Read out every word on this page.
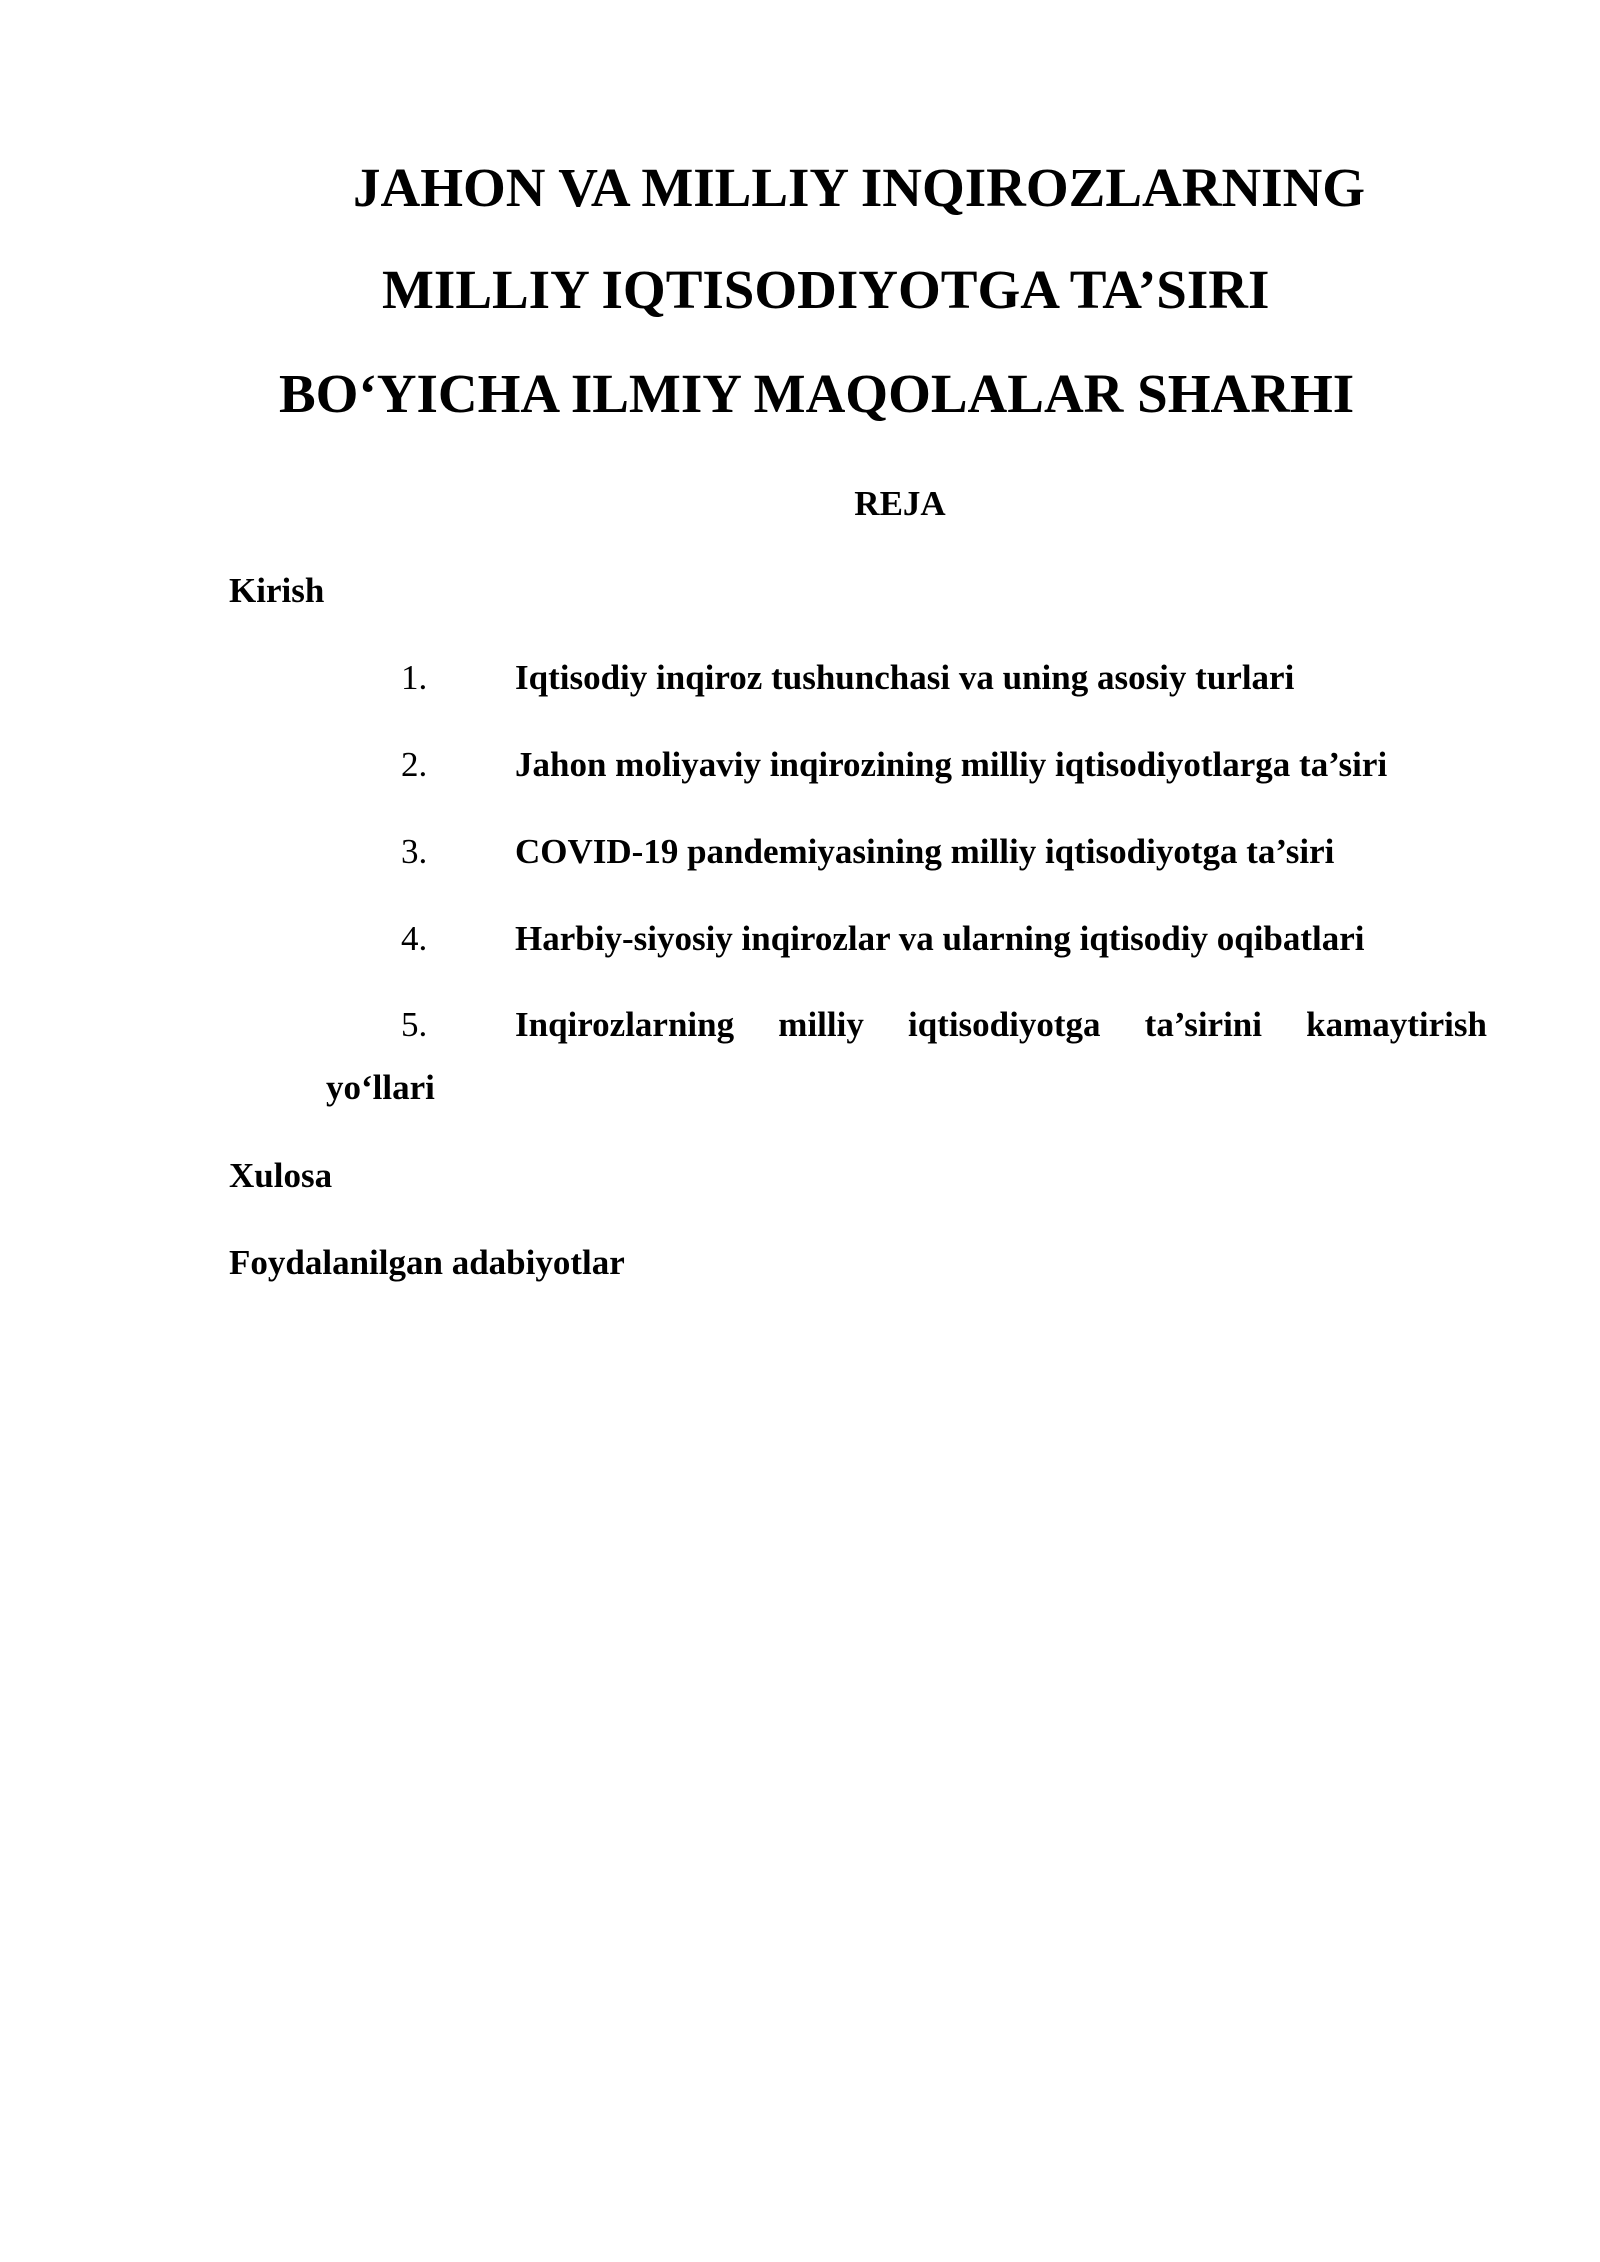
JAHON VA MILLIY INQIROZLARNING
MILLIY IQTISODIYOTGA TA’SIRI
BO‘YICHA ILMIY MAQOLALAR SHARHI
REJA
Kirish
1.	Iqtisodiy inqiroz tushunchasi va uning asosiy turlari
2.	Jahon moliyaviy inqirozining milliy iqtisodiyotlarga ta’siri
3.	COVID-19 pandemiyasining milliy iqtisodiyotga ta’siri
4.	Harbiy-siyosiy inqirozlar va ularning iqtisodiy oqibatlari
5.	Inqirozlarning milliy iqtisodiyotga ta’sirini kamaytirish
yo‘llari
Xulosa
Foydalanilgan adabiyotlar
